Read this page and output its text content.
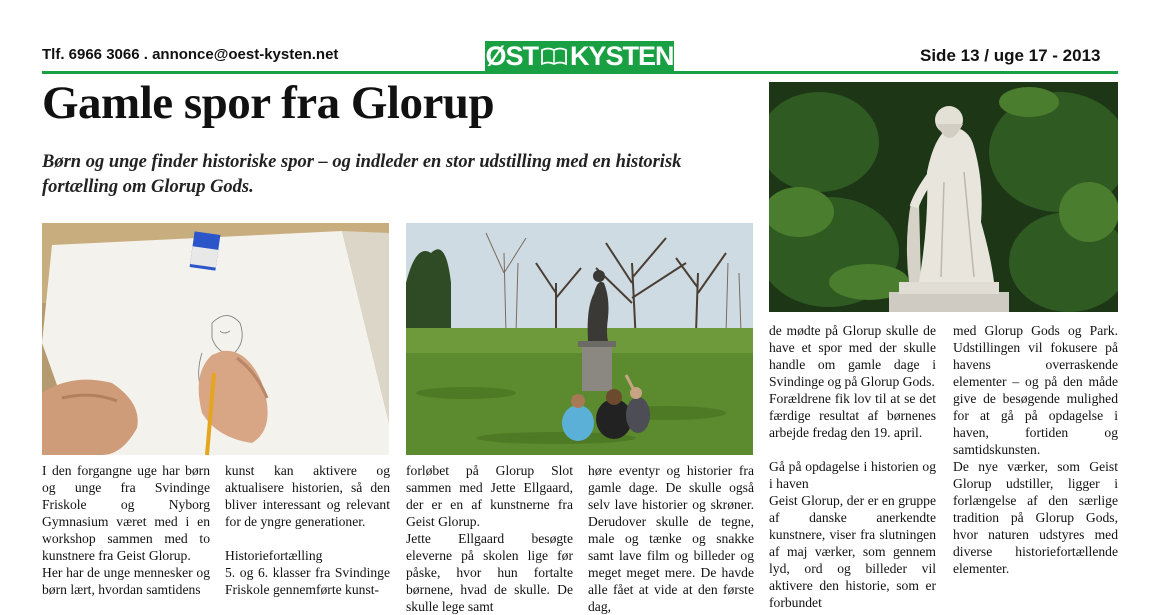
Tlf. 6966 3066 . annonce@oest-kysten.net	ØST KYSTEN	Side 13 / uge 17 - 2013
Gamle spor fra Glorup
Børn og unge finder historiske spor – og indleder en stor udstilling med en historisk fortælling om Glorup Gods.

I den forgangne uge har børn og unge fra Svindinge Friskole og Nyborg Gymnasium været med i en workshop sammen med to kunstnere fra Geist Glorup.

Her har de unge mennesker og børn lært, hvordan samtidens

kunst kan aktivere og aktualisere historien, så den bliver interessant og relevant for de yngre generationer.

Historiefortælling

5. og 6. klasser fra Svindinge Friskole gennemførte kunst-

forløbet på Glorup Slot sammen med Jette Ellgaard, der er en af kunstnerne fra Geist Glorup.

Jette Ellgaard besøgte eleverne på skolen lige før påske, hvor hun fortalte børnene, hvad de skulle. De skulle lege samt

høre eventyr og historier fra gamle dage. De skulle også selv lave historier og skrøner. Derudover skulle de tegne, male og tænke og snakke samt lave film og billeder og meget meget mere. De havde alle fået at vide at den første dag,

de mødte på Glorup skulle de have et spor med der skulle handle om gamle dage i Svindinge og på Glorup Gods.

Forældrene fik lov til at se det færdige resultat af børnenes arbejde fredag den 19. april.

Gå på opdagelse i historien og i haven

Geist Glorup, der er en gruppe af danske anerkendte kunstnere, viser fra slutningen af maj værker, som gennem lyd, ord og billeder vil aktivere den historie, som er forbundet

med Glorup Gods og Park. Udstillingen vil fokusere på havens overraskende elementer – og på den måde give de besøgende mulighed for at gå på opdagelse i haven, fortiden og samtidskunsten.

De nye værker, som Geist Glorup udstiller, ligger i forlængelse af den særlige tradition på Glorup Gods, hvor naturen udstyres med diverse historiefortællende elementer.
